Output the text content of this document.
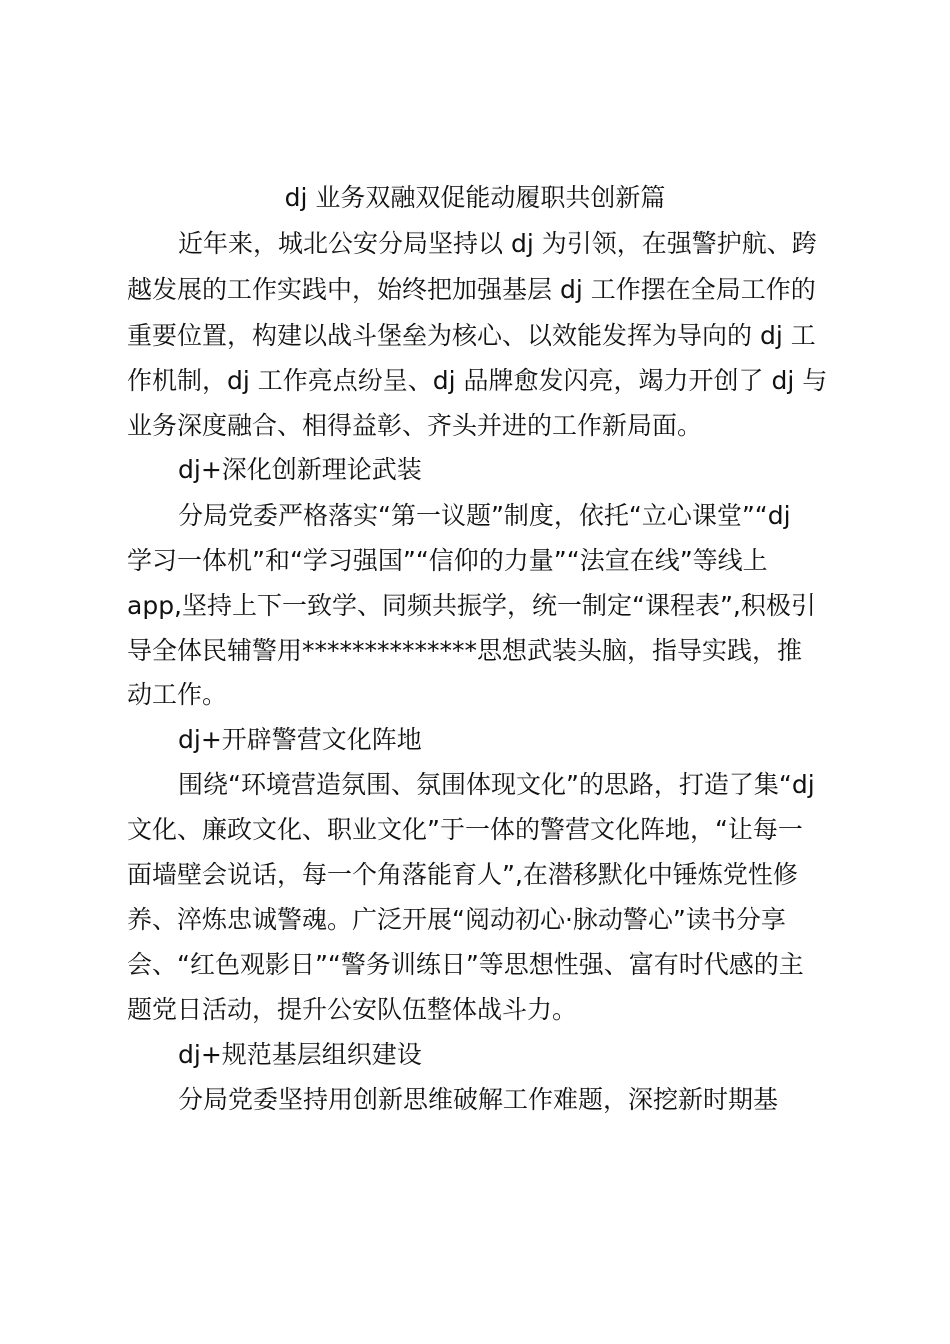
dj 业务双融双促能动履职共创新篇
近年来，城北公安分局坚持以 dj 为引领，在强警护航、跨
越发展的工作实践中，始终把加强基层 dj 工作摆在全局工作的
重要位置，构建以战斗堡垒为核心、以效能发挥为导向的 dj 工
作机制，dj 工作亮点纷呈、dj 品牌愈发闪亮，竭力开创了 dj 与
业务深度融合、相得益彰、齐头并进的工作新局面。
dj+深化创新理论武装
分局党委严格落实“第一议题”制度，依托“立心课堂”“dj
学习一体机”和“学习强国”“信仰的力量”“法宣在线”等线上
app,坚持上下一致学、同频共振学，统一制定“课程表”,积极引
导全体民辅警用**************思想武装头脑，指导实践，推
动工作。
dj+开辟警营文化阵地
围绕“环境营造氛围、氛围体现文化”的思路，打造了集“dj
文化、廉政文化、职业文化”于一体的警营文化阵地，“让每一
面墙壁会说话，每一个角落能育人”,在潜移默化中锤炼党性修
养、淬炼忠诚警魂。广泛开展“阅动初心·脉动警心”读书分享
会、“红色观影日”“警务训练日”等思想性强、富有时代感的主
题党日活动，提升公安队伍整体战斗力。
dj+规范基层组织建设
分局党委坚持用创新思维破解工作难题，深挖新时期基
